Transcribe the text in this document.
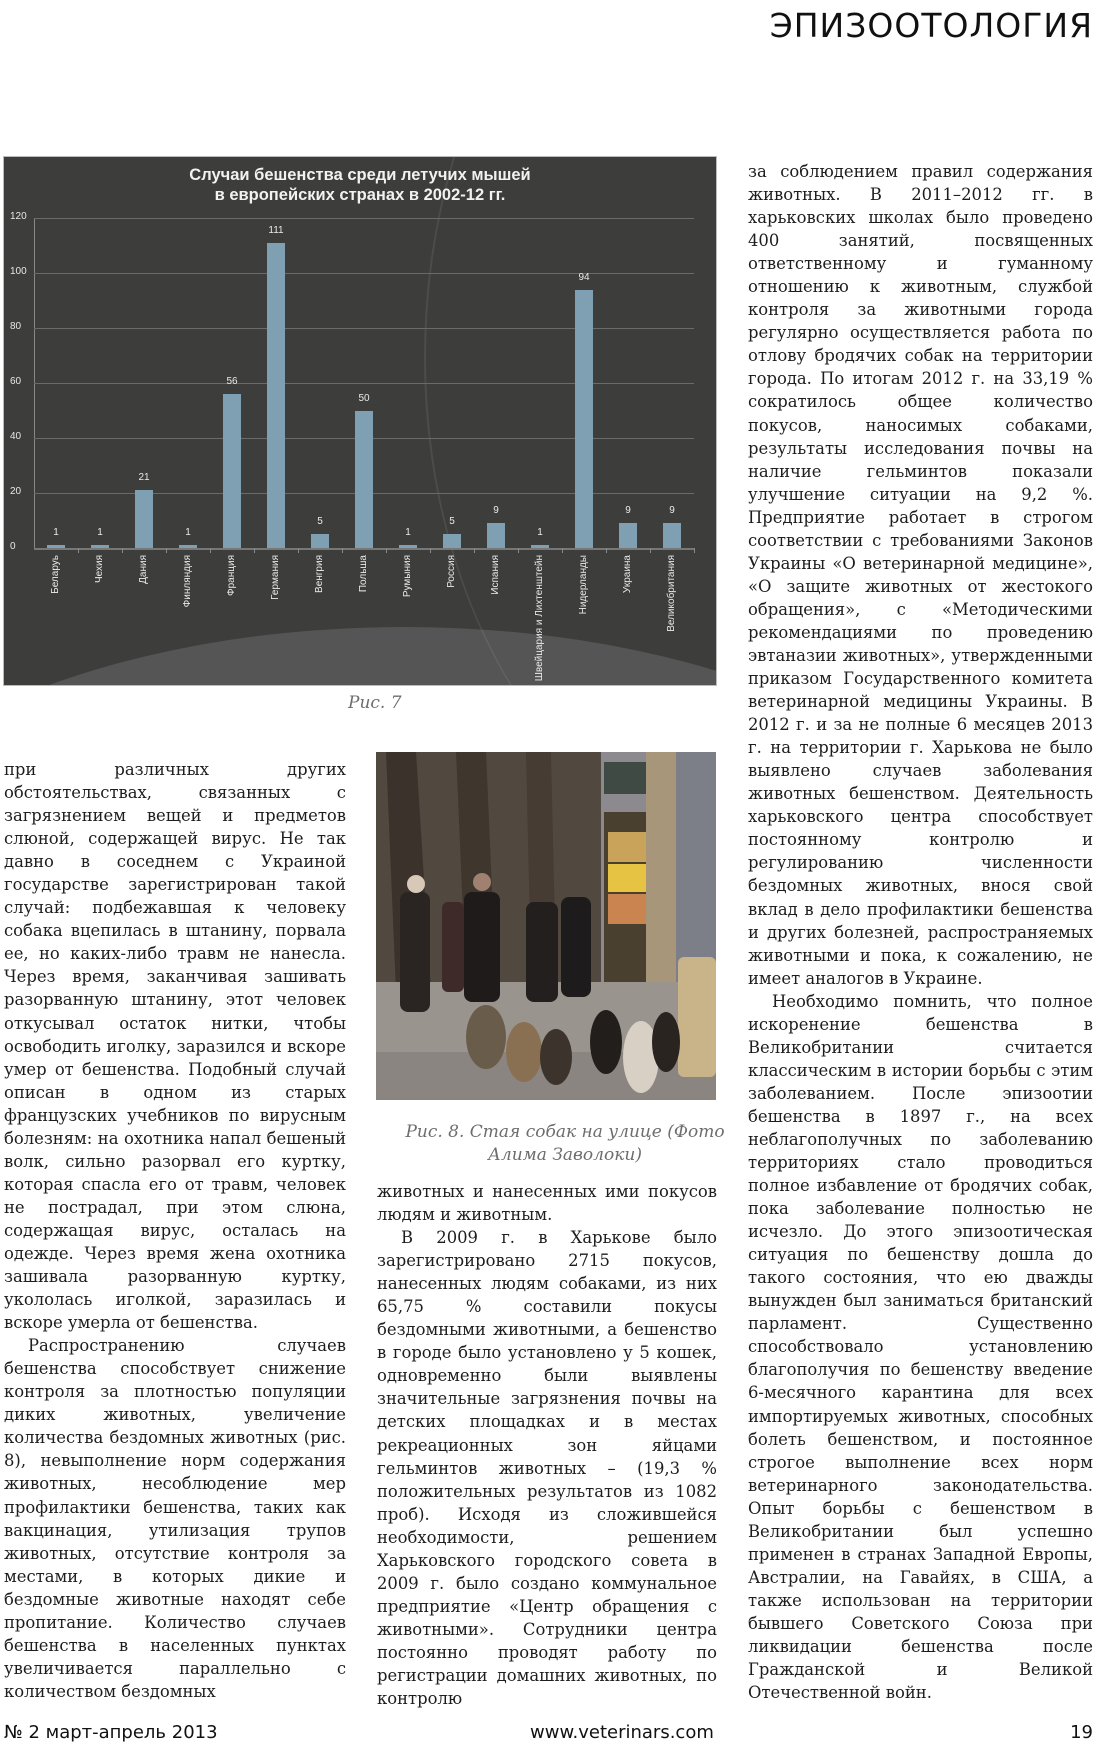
ЭПИЗООТОЛОГИЯ
Случаи бешенства среди летучих мышей
в европейских странах в 2002-12 гг.
0
20
40
60
80
100
120
1
Беларуь
1
Чехия
21
Дания
1
Финляндия
56
Франция
111
Германия
5
Венгрия
50
Польша
1
Румыния
5
Россия
9
Испания
1
Швейцария и Лихтенштейн
94
Нидерланды
9
Украина
9
Великобритания
Рис. 7

при различных других обстоятельствах, связанных с загрязнением вещей и предметов слюной, содержащей вирус. Не так давно в соседнем с Украиной государстве зарегистрирован такой случай: подбежавшая к человеку собака вцепилась в штанину, порвала ее, но каких-либо травм не нанесла. Через время, заканчивая зашивать разорванную штанину, этот человек откусывал остаток нитки, чтобы освободить иголку, заразился и вскоре умер от бешенства. Подобный случай описан в одном из старых французских учебников по вирусным болезням: на охотника напал бешеный волк, сильно разорвал его куртку, которая спасла его от травм, человек не пострадал, при этом слюна, содержащая вирус, осталась на одежде. Через время жена охотника зашивала разорванную куртку, укололась иголкой, заразилась и вскоре умерла от бешенства.

Распространению случаев бешенства способствует снижение контроля за плотностью популяции диких животных, увеличение количества бездомных животных (рис. 8), невыполнение норм содержания животных, несоблюдение мер профилактики бешенства, таких как вакцинация, утилизация трупов животных, отсутствие контроля за местами, в которых дикие и бездомные животные находят себе пропитание. Количество случаев бешенства в населенных пунктах увеличивается параллельно с количеством бездомных

Рис. 8. Стая собак на улице (Фото
Алима Заволоки)

животных и нанесенных ими покусов людям и животным.

В 2009 г. в Харькове было зарегистрировано 2715 покусов, нанесенных людям собаками, из них 65,75 % составили покусы бездомными животными, а бешенство в городе было установлено у 5 кошек, одновременно были выявлены значительные загрязнения почвы на детских площадках и в местах рекреационных зон яйцами гельминтов животных – (19,3 % положительных результатов из 1082 проб). Исходя из сложившейся необходимости, решением Харьковского городского совета в 2009 г. было создано коммунальное предприятие «Центр обращения с животными». Сотрудники центра постоянно проводят работу по регистрации домашних животных, по контролю

за соблюдением правил содержания животных. В 2011–2012 гг. в харьковских школах было проведено 400 занятий, посвященных ответственному и гуманному отношению к животным, службой контроля за животными города регулярно осуществляется работа по отлову бродячих собак на территории города. По итогам 2012 г. на 33,19 % сократилось общее количество покусов, наносимых собаками, результаты исследования почвы на наличие гельминтов показали улучшение ситуации на 9,2 %. Предприятие работает в строгом соответствии с требованиями Законов Украины «О ветеринарной медицине», «О защите животных от жестокого обращения», с «Методическими рекомендациями по проведению эвтаназии животных», утвержденными приказом Государственного комитета ветеринарной медицины Украины. В 2012 г. и за не полные 6 месяцев 2013 г. на территории г. Харькова не было выявлено случаев заболевания животных бешенством. Деятельность харьковского центра способствует постоянному контролю и регулированию численности бездомных животных, внося свой вклад в дело профилактики бешенства и других болезней, распространяемых животными и пока, к сожалению, не имеет аналогов в Украине.

Необходимо помнить, что полное искоренение бешенства в Великобритании считается классическим в истории борьбы с этим заболеванием. После эпизоотии бешенства в 1897 г., на всех неблагополучных по заболеванию территориях стало проводиться полное избавление от бродячих собак, пока заболевание полностью не исчезло. До этого эпизоотическая ситуация по бешенству дошла до такого состояния, что ею дважды вынужден был заниматься британский парламент. Существенно способствовало установлению благополучия по бешенству введение 6-месячного карантина для всех импортируемых животных, способных болеть бешенством, и постоянное строгое выполнение всех норм ветеринарного законодательства. Опыт борьбы с бешенством в Великобритании был успешно применен в странах Западной Европы, Австралии, на Гавайях, в США, а также использован на территории бывшего Советского Союза при ликвидации бешенства после Гражданской и Великой Отечественной войн.

№ 2 март-апрель 2013	www.veterinars.com	19
